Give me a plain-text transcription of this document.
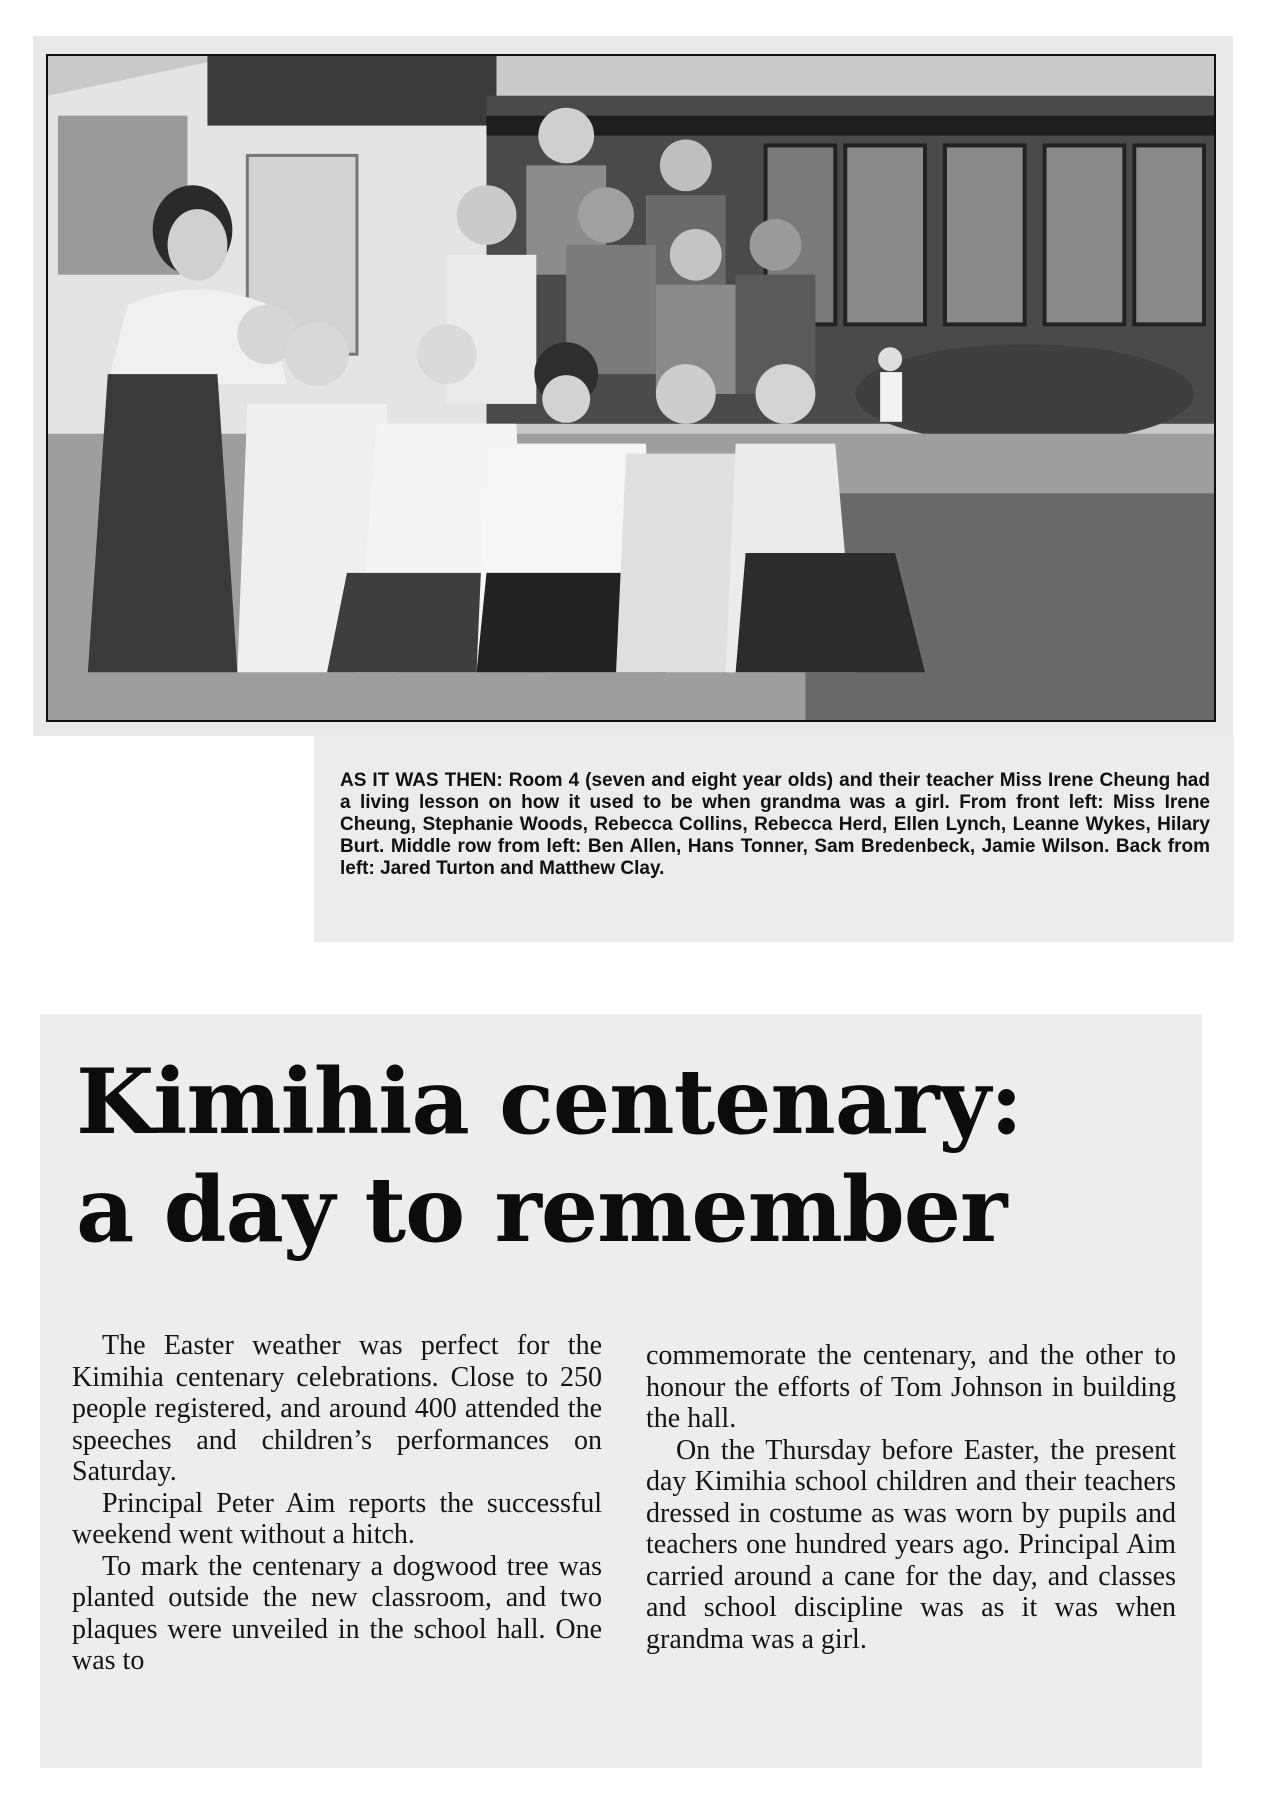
AS IT WAS THEN: Room 4 (seven and eight year olds) and their teacher Miss Irene Cheung had a living lesson on how it used to be when grandma was a girl. From front left: Miss Irene Cheung, Stephanie Woods, Rebecca Collins, Rebecca Herd, Ellen Lynch, Leanne Wykes, Hilary Burt. Middle row from left: Ben Allen, Hans Tonner, Sam Bredenbeck, Jamie Wilson. Back from left: Jared Turton and Matthew Clay.

Kimihia centenary:
a day to remember

The Easter weather was perfect for the Kimihia centenary celebrations. Close to 250 people registered, and around 400 attended the speeches and children’s performances on Saturday.

Principal Peter Aim reports the successful weekend went without a hitch.

To mark the centenary a dogwood tree was planted outside the new classroom, and two plaques were unveiled in the school hall. One was to

commemorate the centenary, and the other to honour the efforts of Tom Johnson in building the hall.

On the Thursday before Easter, the present day Kimihia school children and their teachers dressed in costume as was worn by pupils and teachers one hundred years ago. Principal Aim carried around a cane for the day, and classes and school discipline was as it was when grandma was a girl.
